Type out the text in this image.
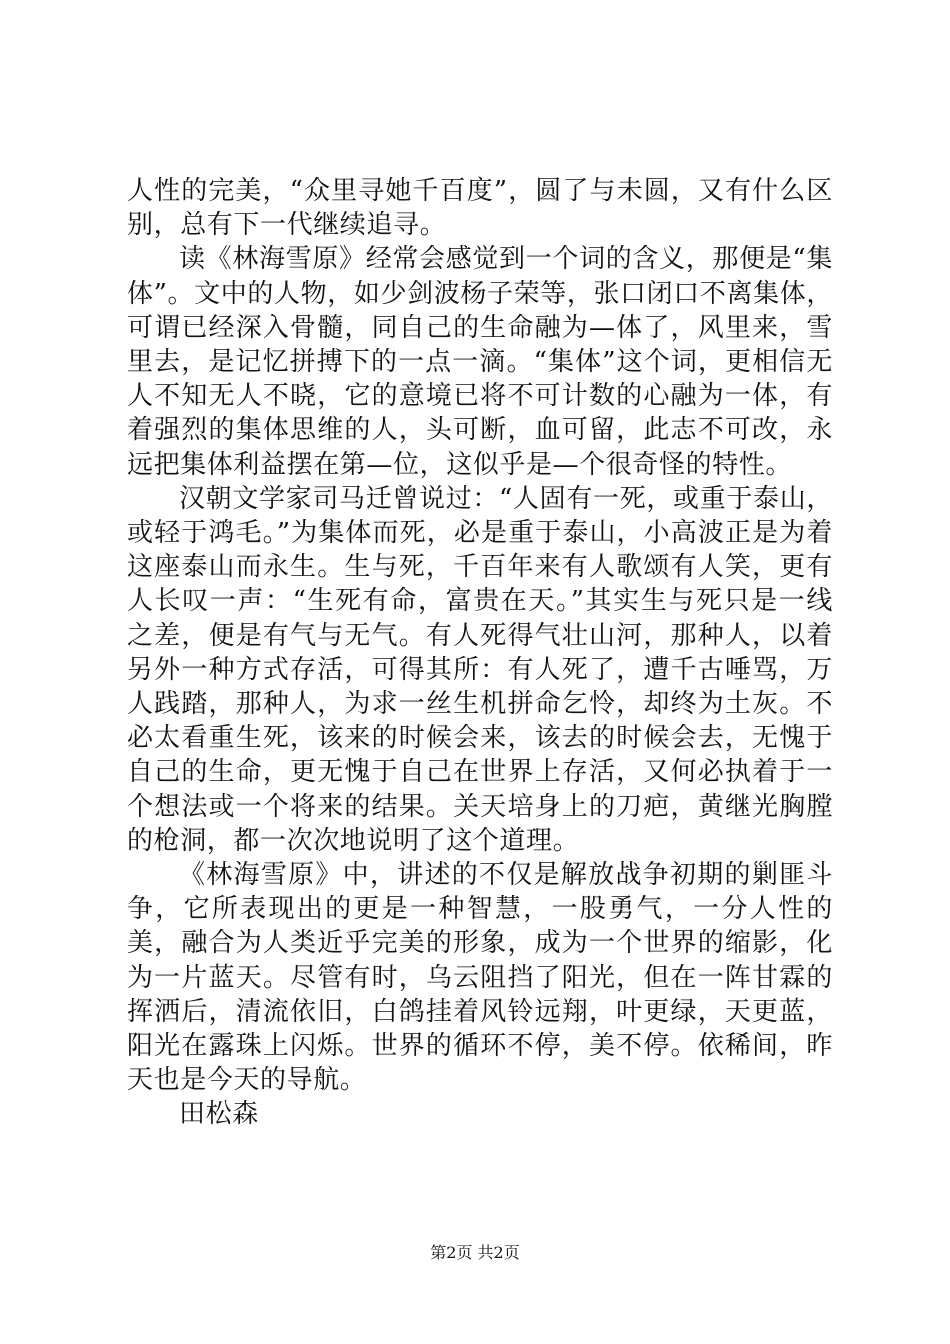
人性的完美，“众里寻她千百度”，圆了与未圆，又有什么区别，总有下一代继续追寻。

读《林海雪原》经常会感觉到一个词的含义，那便是“集体”。文中的人物，如少剑波杨子荣等，张口闭口不离集体，可谓已经深入骨髓，同自己的生命融为—体了，风里来，雪里去，是记忆拼搏下的一点一滴。“集体”这个词，更相信无人不知无人不晓，它的意境已将不可计数的心融为一体，有着强烈的集体思维的人，头可断，血可留，此志不可改，永远把集体利益摆在第—位，这似乎是—个很奇怪的特性。

汉朝文学家司马迁曾说过：“人固有一死，或重于泰山，或轻于鸿毛。”为集体而死，必是重于泰山，小高波正是为着这座泰山而永生。生与死，千百年来有人歌颂有人笑，更有人长叹一声：“生死有命，富贵在天。”其实生与死只是一线之差，便是有气与无气。有人死得气壮山河，那种人，以着另外一种方式存活，可得其所：有人死了，遭千古唾骂，万人践踏，那种人，为求一丝生机拼命乞怜，却终为土灰。不必太看重生死，该来的时候会来，该去的时候会去，无愧于自己的生命，更无愧于自己在世界上存活，又何必执着于一个想法或一个将来的结果。关天培身上的刀疤，黄继光胸膛的枪洞，都一次次地说明了这个道理。

《林海雪原》中，讲述的不仅是解放战争初期的剿匪斗争，它所表现出的更是一种智慧，一股勇气，一分人性的美，融合为人类近乎完美的形象，成为一个世界的缩影，化为一片蓝天。尽管有时，乌云阻挡了阳光，但在一阵甘霖的挥洒后，清流依旧，白鸽挂着风铃远翔，叶更绿，天更蓝，阳光在露珠上闪烁。世界的循环不停，美不停。依稀间，昨天也是今天的导航。

田松森

第2页 共2页
